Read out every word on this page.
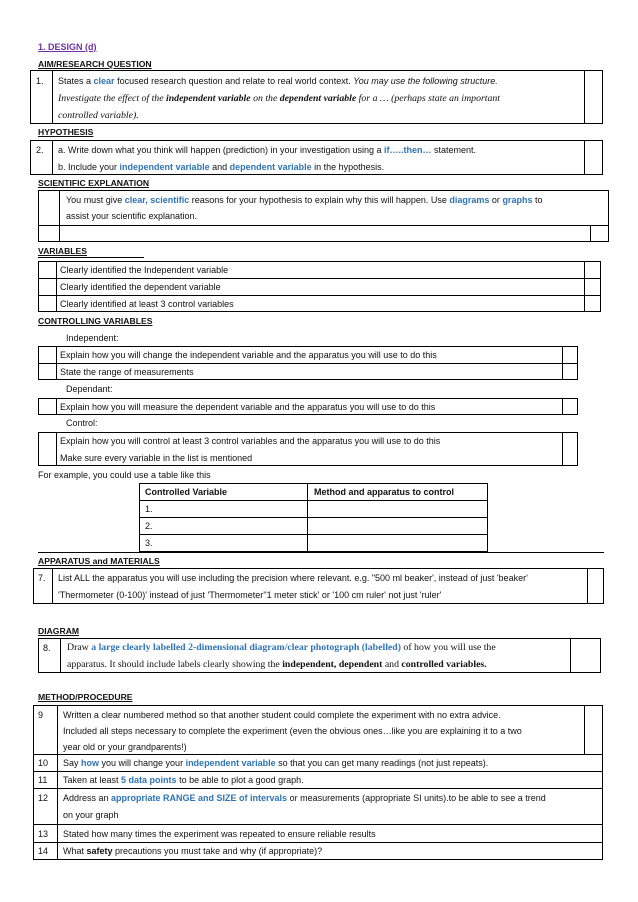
1. DESIGN (d)
AIM/RESEARCH QUESTION
1. States a clear focused research question and relate to real world context. You may use the following structure.
Investigate the effect of the independent variable on the dependent variable for a … (perhaps state an important
controlled variable).
HYPOTHESIS
2. a. Write down what you think will happen (prediction) in your investigation using a if…..then… statement.
b. Include your independent variable and dependent variable in the hypothesis.
SCIENTIFIC EXPLANATION
You must give clear, scientific reasons for your hypothesis to explain why this will happen. Use diagrams or graphs to
assist your scientific explanation.
VARIABLES
Clearly identified the Independent variable
Clearly identified the dependent variable
Clearly identified at least 3 control variables
CONTROLLING VARIABLES
Independent:
Explain how you will change the independent variable and the apparatus you will use to do this
State the range of measurements
Dependant:
Explain how you will measure the dependent variable and the apparatus you will use to do this
Control:
Explain how you will control at least 3 control variables and the apparatus you will use to do this
Make sure every variable in the list is mentioned
For example, you could use a table like this
Controlled Variable	Method and apparatus to control
1.
2.
3.
APPARATUS and MATERIALS
7. List ALL the apparatus you will use including the precision where relevant. e.g. "500 ml beaker', instead of just 'beaker'
'Thermometer (0-100)' instead of just 'Thermometer''1 meter stick' or '100 cm ruler' not just 'ruler'
DIAGRAM
8. Draw a large clearly labelled 2-dimensional diagram/clear photograph (labelled) of how you will use the
apparatus. It should include labels clearly showing the independent, dependent and controlled variables.
METHOD/PROCEDURE
9 Written a clear numbered method so that another student could complete the experiment with no extra advice.
Included all steps necessary to complete the experiment (even the obvious ones…like you are explaining it to a two
year old or your grandparents!)
10 Say how you will change your independent variable so that you can get many readings (not just repeats).
11 Taken at least 5 data points to be able to plot a good graph.
12 Address an appropriate RANGE and SIZE of intervals or measurements (appropriate SI units).to be able to see a trend
on your graph
13 Stated how many times the experiment was repeated to ensure reliable results
14 What safety precautions you must take and why (if appropriate)?
